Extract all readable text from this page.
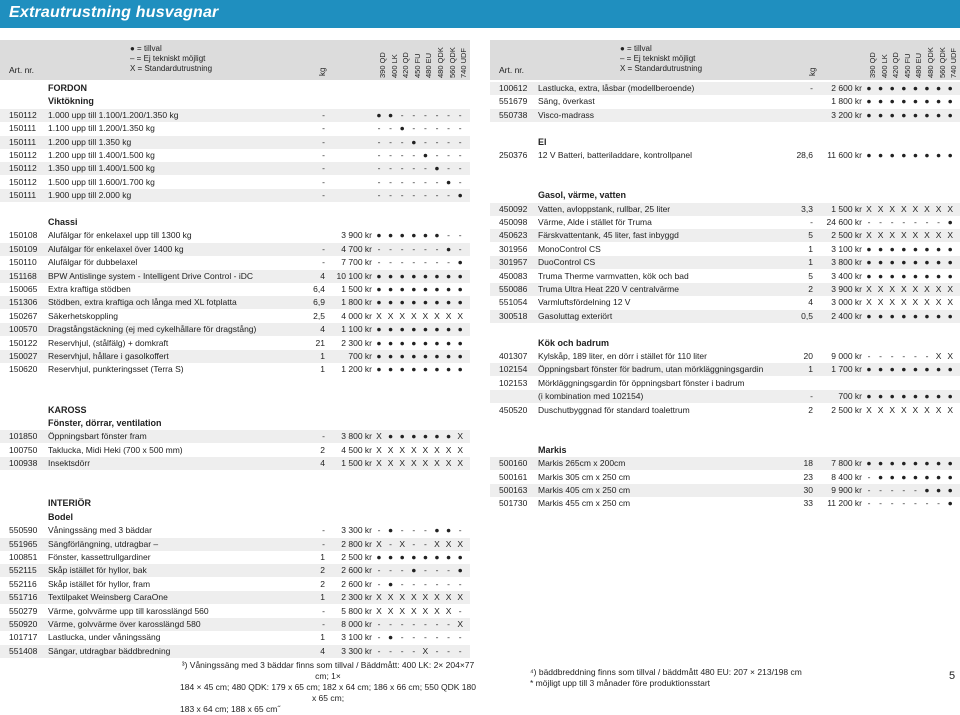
Extrautrustning husvagnar
Art. nr.
● = tillval
– = Ej tekniskt möjligt
X = Standardutrustning	kg	390 QD 400 LK 420 QD 450 FU 480 EU 480 QDK 560 QDK 740 UDF
FORDON
Viktökning
150112 1.000 upp till 1.100/1.200/1.350 kg	-	● ● -	-	-	-	-	-
150111 1.100 upp till 1.200/1.350 kg	-	-	- ● -	-	-	-	-
150111 1.200 upp till 1.350 kg	-	-	-	- ● -	-	-	-
150112 1.200 upp till 1.400/1.500 kg	-	-	-	-	- ● -	-	-
150112 1.350 upp till 1.400/1.500 kg	-	-	-	-	-	- ● -	-
150112 1.500 upp till 1.600/1.700 kg	-	-	-	-	-	-	- ● -
150111 1.900 upp till 2.000 kg	-	-	-	-	-	-	-	- ●
Chassi
150108 Alufälgar för enkelaxel upp till 1300 kg	3 900 kr ● ● ● ● ● ● -	-
150109 Alufälgar för enkelaxel över 1400 kg	-	4 700 kr -	-	-	-	-	- ● -
150110 Alufälgar för dubbelaxel	-	7 700 kr -	-	-	-	-	-	- ●
151168 BPW Antislinge system - Intelligent Drive Control - iDC	4	10 100 kr ● ● ● ● ● ● ● ●
150065 Extra kraftiga stödben	6,4	1 500 kr ● ● ● ● ● ● ● ●
151306 Stödben, extra kraftiga och långa med XL fotplatta	6,9	1 800 kr ● ● ● ● ● ● ● ●
150267 Säkerhetskoppling	2,5	4 000 kr X X X X X X X X
100570 Dragstångstäckning (ej med cykelhållare för dragstång)	4	1 100 kr ● ● ● ● ● ● ● ●
150122 Reservhjul, (stålfälg) + domkraft	21	2 300 kr ● ● ● ● ● ● ● ●
150027 Reservhjul, hållare i gasolkoffert	1	700 kr ● ● ● ● ● ● ● ●
150620 Reservhjul, punkteringsset (Terra S)	1	1 200 kr ● ● ● ● ● ● ● ●
KAROSS
Fönster, dörrar, ventilation
101850 Öppningsbart fönster fram	-	3 800 kr X ● ● ● ● ● ● X
100750 Taklucka, Midi Heki (700 x 500 mm)	2	4 500 kr X X X X X X X X
100938 Insektsdörr	4	1 500 kr X X X X X X X X
INTERIÖR
Bodel
550590 Våningssäng med 3 bäddar	-	3 300 kr - ● -	-	- ● ● -
551965 Sängförlängning, utdragbar –	-	2 800 kr X - X -	- X X X
100851 Fönster, kassettrullgardiner	1	2 500 kr ● ● ● ● ● ● ● ●
552115 Skåp istället för hyllor, bak	2	2 600 kr -	-	- ● -	-	- ●
552116 Skåp istället för hyllor, fram	2	2 600 kr - ● -	-	-	-	-	-
551716 Textilpaket Weinsberg CaraOne	1	2 300 kr X X X X X X X X
550279 Värme, golvvärme upp till karosslängd 560	-	5 800 kr X X X X X X X -
550920 Värme, golvvärme över karosslängd 580	-	8 000 kr -	-	-	-	-	-	- X
101717 Lastlucka, under våningssäng	1	3 100 kr - ● -	-	-	-	-	-
551408 Sängar, utdragbar bäddbredning	4	3 300 kr -	-	-	- X -	-	-
Art. nr.
● = tillval
– = Ej tekniskt möjligt
X = Standardutrustning	kg	390 QD 400 LK 420 QD 450 FU 480 EU 480 QDK 560 QDK 740 UDF
100612 Lastlucka, extra, låsbar (modellberoende)	-	2 600 kr ● ● ● ● ● ● ● ●
551679 Säng, överkast	1 800 kr ● ● ● ● ● ● ● ●
550738 Visco-madrass	3 200 kr ● ● ● ● ● ● ● ●
El
250376 12 V Batteri, batteriladdare, kontrollpanel	28,6	11 600 kr ● ● ● ● ● ● ● ●
Gasol, värme, vatten
450092 Vatten, avloppstank, rullbar, 25 liter	3,3	1 500 kr X X X X X X X X
450098 Värme, Alde i stället för Truma	-	24 600 kr -	-	-	-	-	-	- ●
450623 Färskvattentank, 45 liter, fast inbyggd	5	2 500 kr X X X X X X X X
301956 MonoControl CS	1	3 100 kr ● ● ● ● ● ● ● ●
301957 DuoControl CS	1	3 800 kr ● ● ● ● ● ● ● ●
450083 Truma Therme varmvatten, kök och bad	5	3 400 kr ● ● ● ● ● ● ● ●
550086 Truma Ultra Heat 220 V centralvärme	2	3 900 kr X X X X X X X X
551054 Varmluftsfördelning 12 V	4	3 000 kr X X X X X X X X
300518 Gasoluttag exteriört	0,5	2 400 kr ● ● ● ● ● ● ● ●
Kök och badrum
401307 Kylskåp, 189 liter, en dörr i stället för 110 liter	20	9 000 kr -	-	-	-	-	- X X
102154 Öppningsbart fönster för badrum, utan mörkläggningsgardin	1	1 700 kr ● ● ● ● ● ● ● ●
102153 Mörkläggningsgardin för öppningsbart fönster i badrum
(i kombination med 102154)	-	700 kr ● ● ● ● ● ● ● ●
450520 Duschutbyggnad för standard toalettrum	2	2 500 kr X X X X X X X X
Markis
500160 Markis 265cm x 200cm	18	7 800 kr ● ● ● ● ● ● ● ●
500161 Markis 305 cm x 250 cm	23	8 400 kr - ● ● ● ● ● ● ●
500163 Markis 405 cm x 250 cm	30	9 900 kr -	-	-	-	- ● ● ●
501730 Markis 455 cm x 250 cm	33	11 200 kr -	-	-	-	-	-	- ●
³) Våningssäng med 3 bäddar finns som tillval / Bäddmått: 400 LK: 2× 204×77 cm; 1×
184 × 45 cm; 480 QDK: 179 x 65 cm; 182 x 64 cm; 186 x 66 cm; 550 QDK 180 x 65 cm;
183 x 64 cm; 188 x 65 cm˝
⁴) bäddbreddning finns som tillval / bäddmått 480 EU: 207 × 213/198 cm
* möjligt upp till 3 månader före produktionsstart
5
